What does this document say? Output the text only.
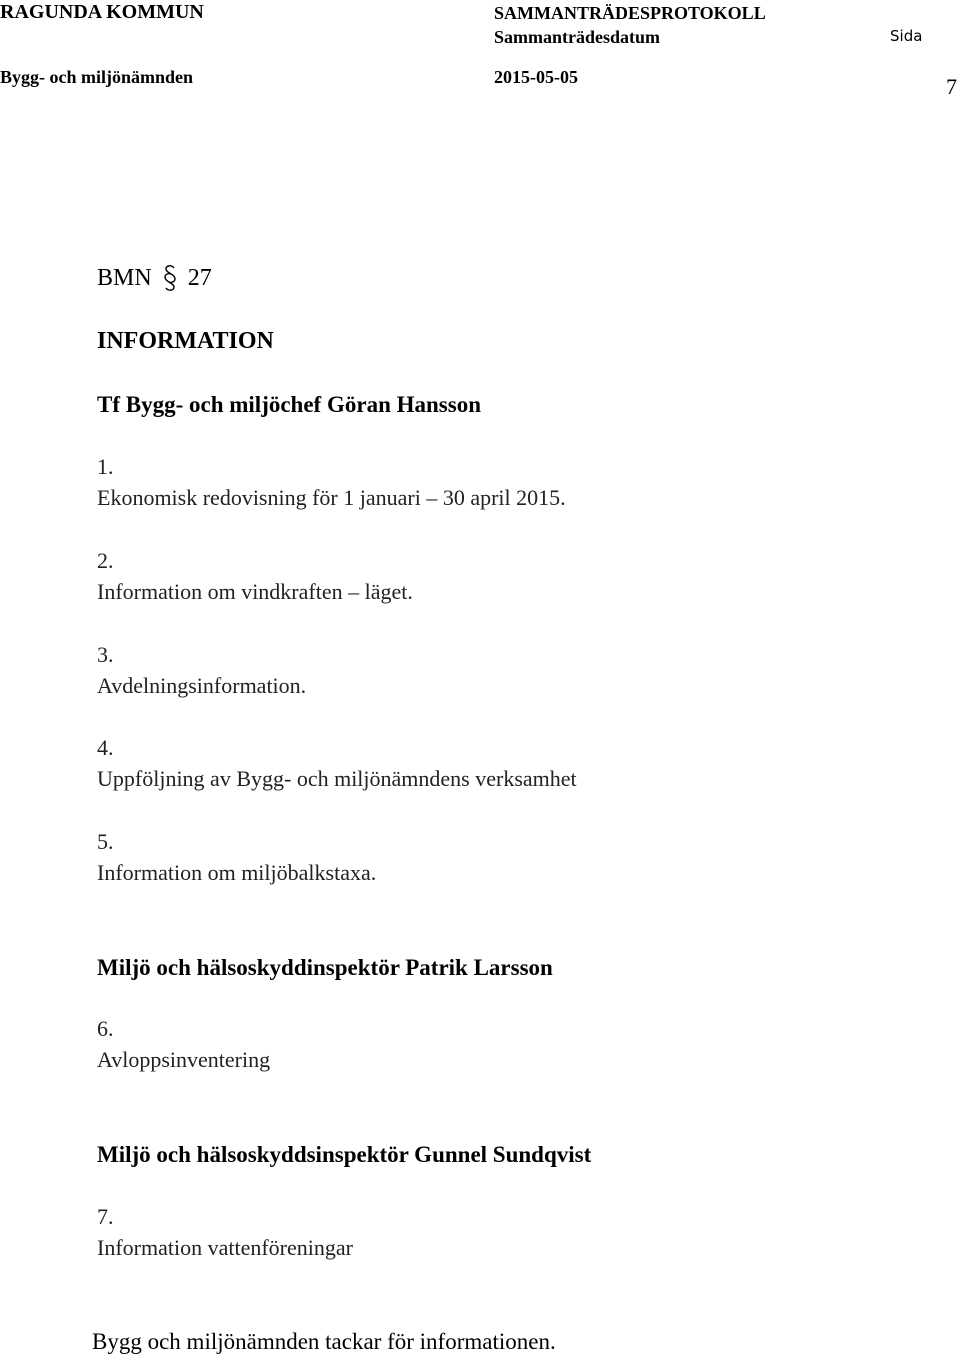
RAGUNDA KOMMUN	SAMMANTRÄDESPROTOKOLL
Sammanträdesdatum	Sida
Bygg- och miljönämnden	2015-05-05	7
BMN 27
INFORMATION
Tf Bygg- och miljöchef Göran Hansson
1.
Ekonomisk redovisning för 1 januari – 30 april 2015.
2.
Information om vindkraften – läget.
3.
Avdelningsinformation.
4.
Uppföljning av Bygg- och miljönämndens verksamhet
5.
Information om miljöbalkstaxa.
Miljö och hälsoskyddinspektör Patrik Larsson
6.
Avloppsinventering
Miljö och hälsoskyddsinspektör Gunnel Sundqvist
7.
Information vattenföreningar
Bygg och miljönämnden tackar för informationen.
